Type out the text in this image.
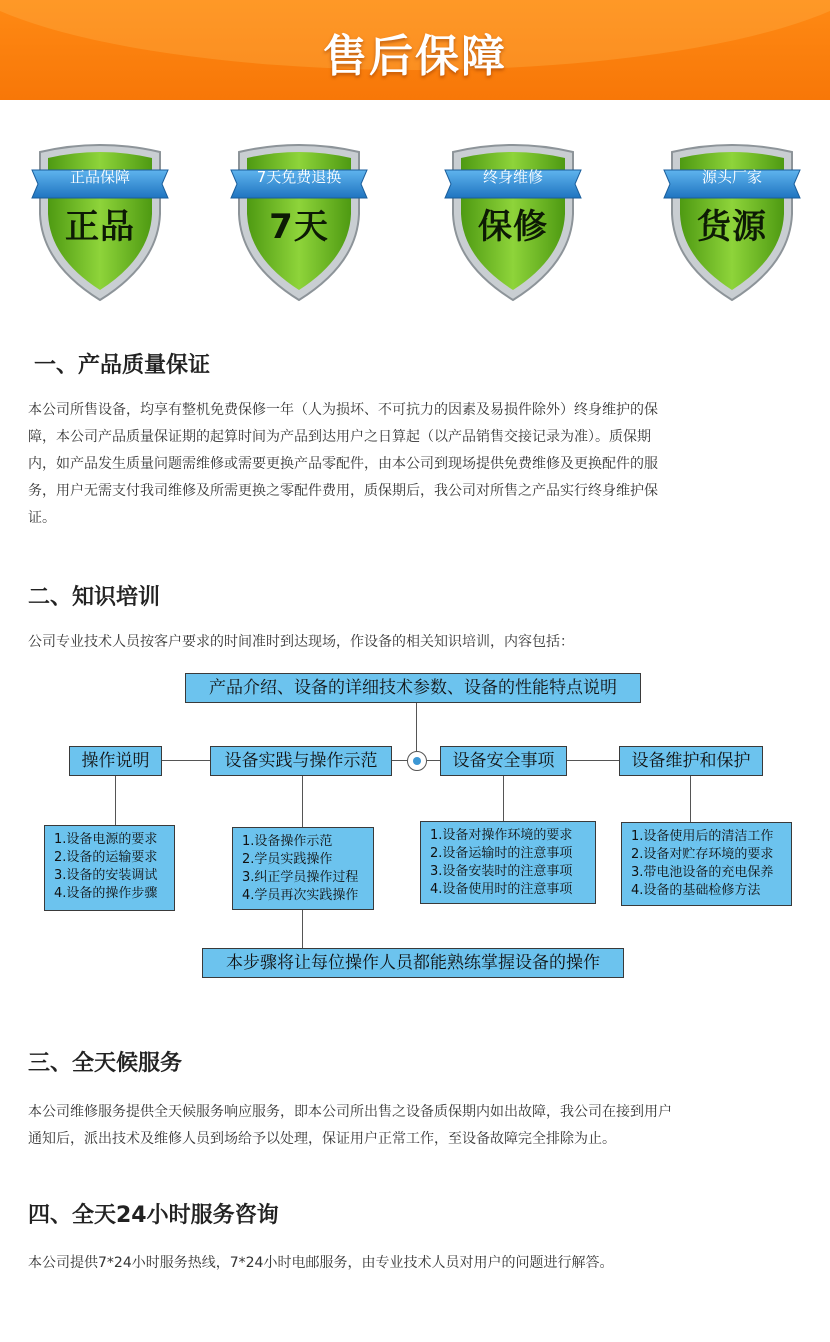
售后保障
正品保障
正品
7天免费退换
7天
终身维修
保修
源头厂家
货源
一、产品质量保证
本公司所售设备，均享有整机免费保修一年（人为损坏、不可抗力的因素及易损件除外）终身维护的保
障，本公司产品质量保证期的起算时间为产品到达用户之日算起（以产品销售交接记录为准）。质保期
内，如产品发生质量问题需维修或需要更换产品零配件，由本公司到现场提供免费维修及更换配件的服
务，用户无需支付我司维修及所需更换之零配件费用，质保期后，我公司对所售之产品实行终身维护保
证。
二、知识培训
公司专业技术人员按客户要求的时间准时到达现场，作设备的相关知识培训，内容包括：
产品介绍、设备的详细技术参数、设备的性能特点说明
操作说明	设备实践与操作示范	设备安全事项	设备维护和保护
1.设备电源的要求
2.设备的运输要求
3.设备的安装调试
4.设备的操作步骤
1.设备操作示范
2.学员实践操作
3.纠正学员操作过程
4.学员再次实践操作
1.设备对操作环境的要求
2.设备运输时的注意事项
3.设备安装时的注意事项
4.设备使用时的注意事项
1.设备使用后的清洁工作
2.设备对贮存环境的要求
3.带电池设备的充电保养
4.设备的基础检修方法
本步骤将让每位操作人员都能熟练掌握设备的操作
三、全天候服务
本公司维修服务提供全天候服务响应服务，即本公司所出售之设备质保期内如出故障，我公司在接到用户
通知后，派出技术及维修人员到场给予以处理，保证用户正常工作，至设备故障完全排除为止。
四、全天24小时服务咨询
本公司提供7*24小时服务热线，7*24小时电邮服务，由专业技术人员对用户的问题进行解答。
